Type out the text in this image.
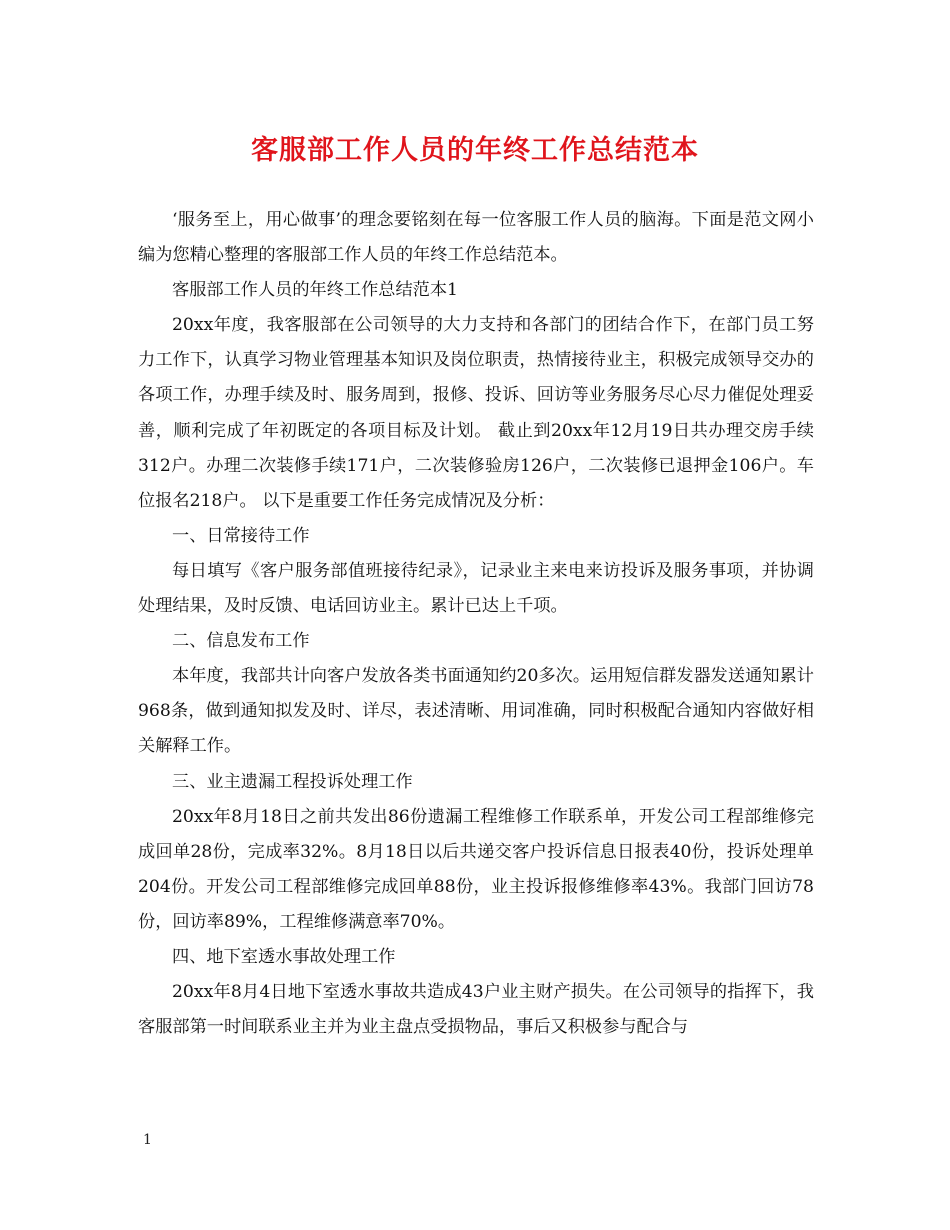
客服部工作人员的年终工作总结范本

‘服务至上，用心做事’的理念要铭刻在每一位客服工作人员的脑海。下面是范文网小编为您精心整理的客服部工作人员的年终工作总结范本。

客服部工作人员的年终工作总结范本1

20xx年度，我客服部在公司领导的大力支持和各部门的团结合作下，在部门员工努力工作下，认真学习物业管理基本知识及岗位职责，热情接待业主，积极完成领导交办的各项工作，办理手续及时、服务周到，报修、投诉、回访等业务服务尽心尽力催促处理妥善，顺利完成了年初既定的各项目标及计划。 截止到20xx年12月19日共办理交房手续312户。办理二次装修手续171户，二次装修验房126户，二次装修已退押金106户。车位报名218户。 以下是重要工作任务完成情况及分析：

一、日常接待工作

每日填写《客户服务部值班接待纪录》，记录业主来电来访投诉及服务事项，并协调处理结果，及时反馈、电话回访业主。累计已达上千项。

二、信息发布工作

本年度，我部共计向客户发放各类书面通知约20多次。运用短信群发器发送通知累计968条，做到通知拟发及时、详尽，表述清晰、用词准确，同时积极配合通知内容做好相关解释工作。

三、业主遗漏工程投诉处理工作

20xx年8月18日之前共发出86份遗漏工程维修工作联系单，开发公司工程部维修完成回单28份，完成率32%。8月18日以后共递交客户投诉信息日报表40份，投诉处理单204份。开发公司工程部维修完成回单88份，业主投诉报修维修率43%。我部门回访78份，回访率89%，工程维修满意率70%。

四、地下室透水事故处理工作

20xx年8月4日地下室透水事故共造成43户业主财产损失。在公司领导的指挥下，我客服部第一时间联系业主并为业主盘点受损物品，事后又积极参与配合与

1
